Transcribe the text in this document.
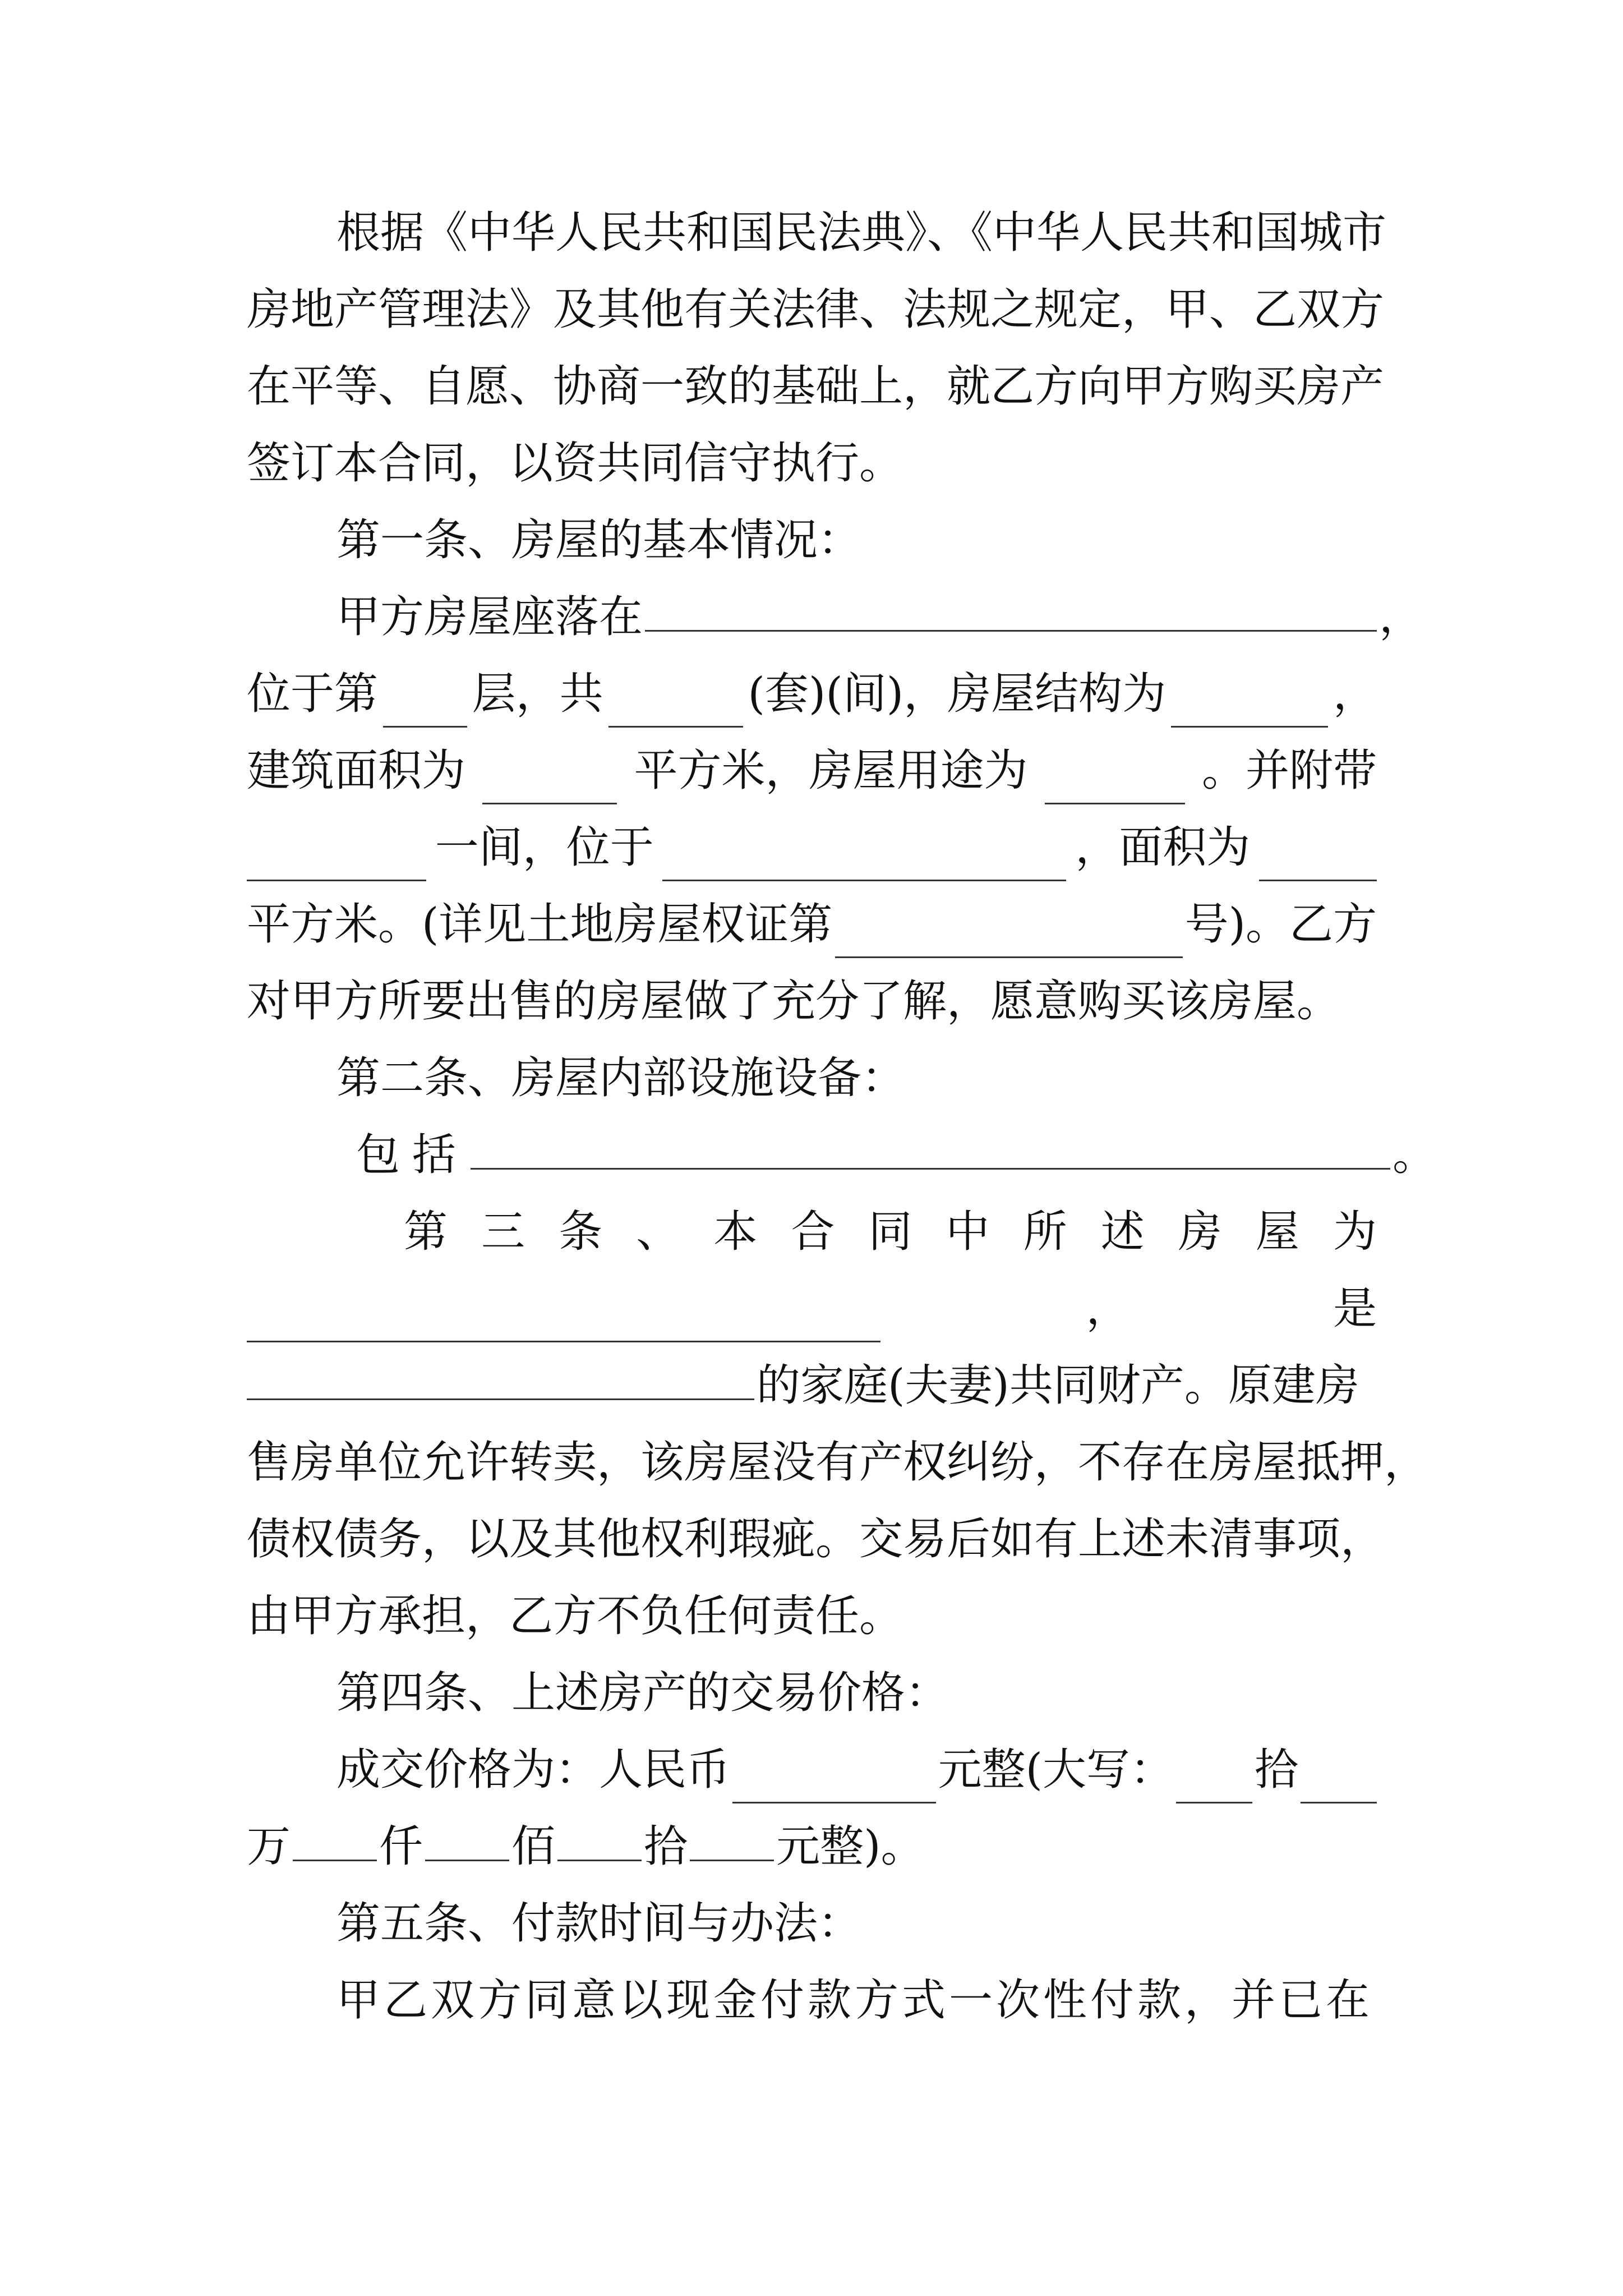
根据《中华人民共和国民法典》、《中华人民共和国城市
房地产管理法》及其他有关法律、法规之规定，甲、乙双方
在平等、自愿、协商一致的基础上，就乙方向甲方购买房产
签订本合同，以资共同信守执行。
第一条、房屋的基本情况：
甲方房屋座落在	，
位于第 层，共	(套)(间)，房屋结构为	，
建筑面积为	平方米，房屋用途为	。并附带
一间，位于	，面积为
平方米。(详见土地房屋权证第	号)。乙方
对甲方所要出售的房屋做了充分了解，愿意购买该房屋。
第二条、房屋内部设施设备：
包括	。
第 三 条 、 本 合 同 中 所 述 房 屋 为
，	是
的家庭(夫妻)共同财产。原建房
售房单位允许转卖，该房屋没有产权纠纷，不存在房屋抵押，
债权债务，以及其他权利瑕疵。交易后如有上述未清事项，
由甲方承担，乙方不负任何责任。
第四条、上述房产的交易价格：
成交价格为：人民币	元整(大写： 拾
万 仟 佰 拾 元整)。
第五条、付款时间与办法：
甲乙双方同意以现金付款方式一次性付款，并已在
